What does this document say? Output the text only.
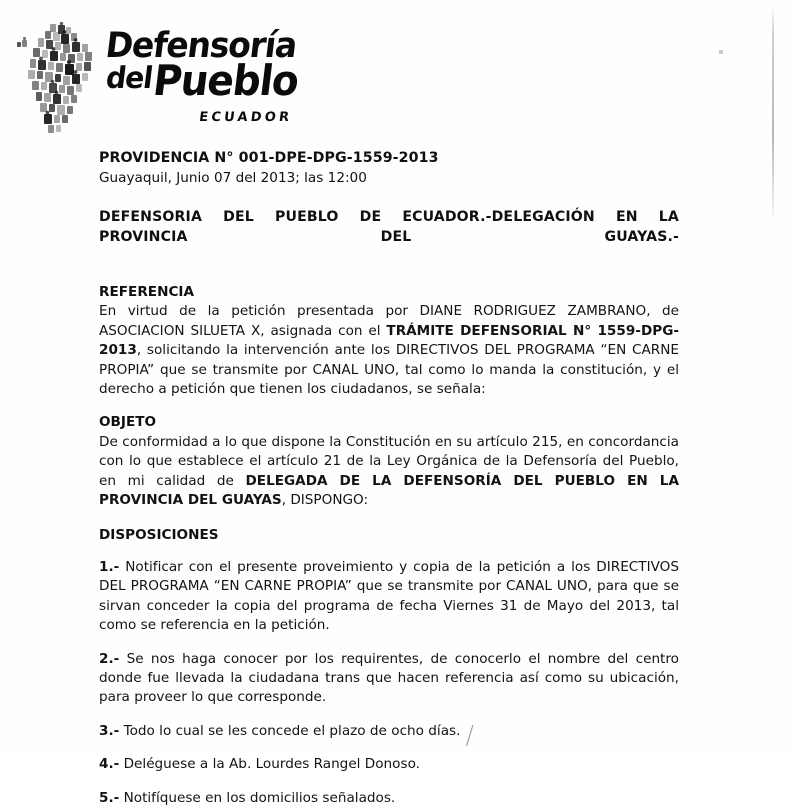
Defensoría
del
Pueblo
ECUADOR

PROVIDENCIA N° 001-DPE-DPG-1559-2013

Guayaquil, Junio 07 del 2013; las 12:00

DEFENSORIA DEL PUEBLO DE ECUADOR.-DELEGACIÓN EN LA PROVINCIA DEL GUAYAS.-

REFERENCIA

En virtud de la petición presentada por DIANE RODRIGUEZ ZAMBRANO, de ASOCIACION SILUETA X, asignada con el TRÁMITE DEFENSORIAL N° 1559-DPG-2013, solicitando la intervención ante los DIRECTIVOS DEL PROGRAMA “EN CARNE PROPIA” que se transmite por CANAL UNO, tal como lo manda la constitución, y el derecho a petición que tienen los ciudadanos, se señala:

OBJETO

De conformidad a lo que dispone la Constitución en su artículo 215, en concordancia con lo que establece el artículo 21 de la Ley Orgánica de la Defensoría del Pueblo, en mi calidad de DELEGADA DE LA DEFENSORÍA DEL PUEBLO EN LA PROVINCIA DEL GUAYAS, DISPONGO:

DISPOSICIONES

1.- Notificar con el presente proveimiento y copia de la petición a los DIRECTIVOS DEL PROGRAMA “EN CARNE PROPIA” que se transmite por CANAL UNO, para que se sirvan conceder la copia del programa de fecha Viernes 31 de Mayo del 2013, tal como se referencia en la petición.

2.- Se nos haga conocer por los requirentes, de conocerlo el nombre del centro donde fue llevada la ciudadana trans que hacen referencia así como su ubicación, para proveer lo que corresponde.

3.- Todo lo cual se les concede el plazo de ocho días.

4.- Deléguese a la Ab. Lourdes Rangel Donoso.

5.- Notifíquese en los domicilios señalados.
